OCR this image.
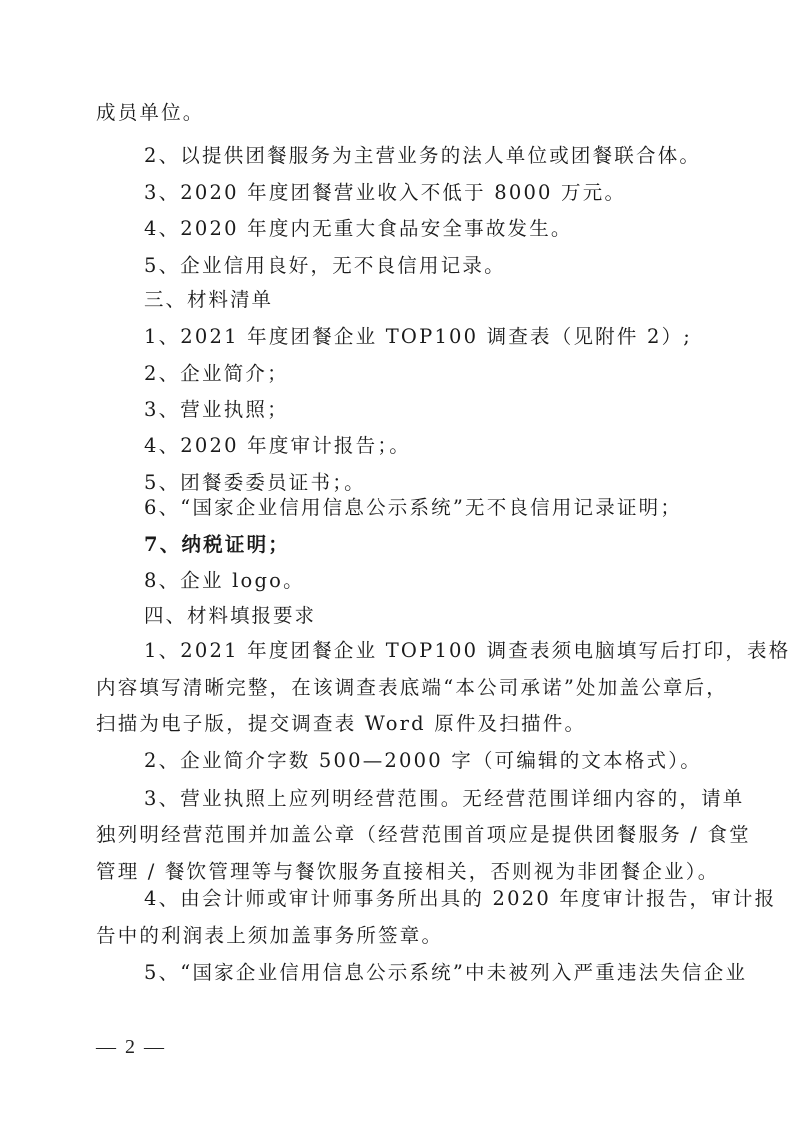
成员单位。
2、以提供团餐服务为主营业务的法人单位或团餐联合体。
3、2020 年度团餐营业收入不低于 8000 万元。
4、2020 年度内无重大食品安全事故发生。
5、企业信用良好，无不良信用记录。
三、材料清单
1、2021 年度团餐企业 TOP100 调查表（见附件 2）;
2、企业简介；
3、营业执照；
4、2020 年度审计报告；。
5、团餐委委员证书；。
6、“国家企业信用信息公示系统”无不良信用记录证明；
7、纳税证明；
8、企业 logo。
四、材料填报要求
1、2021 年度团餐企业 TOP100 调查表须电脑填写后打印，表格
内容填写清晰完整，在该调查表底端“本公司承诺”处加盖公章后，
扫描为电子版，提交调查表 Word 原件及扫描件。
2、企业简介字数 500—2000 字（可编辑的文本格式）。
3、营业执照上应列明经营范围。无经营范围详细内容的，请单
独列明经营范围并加盖公章（经营范围首项应是提供团餐服务 / 食堂
管理 / 餐饮管理等与餐饮服务直接相关，否则视为非团餐企业）。
4、由会计师或审计师事务所出具的 2020 年度审计报告，审计报
告中的利润表上须加盖事务所签章。
5、“国家企业信用信息公示系统”中未被列入严重违法失信企业
— 2 —
